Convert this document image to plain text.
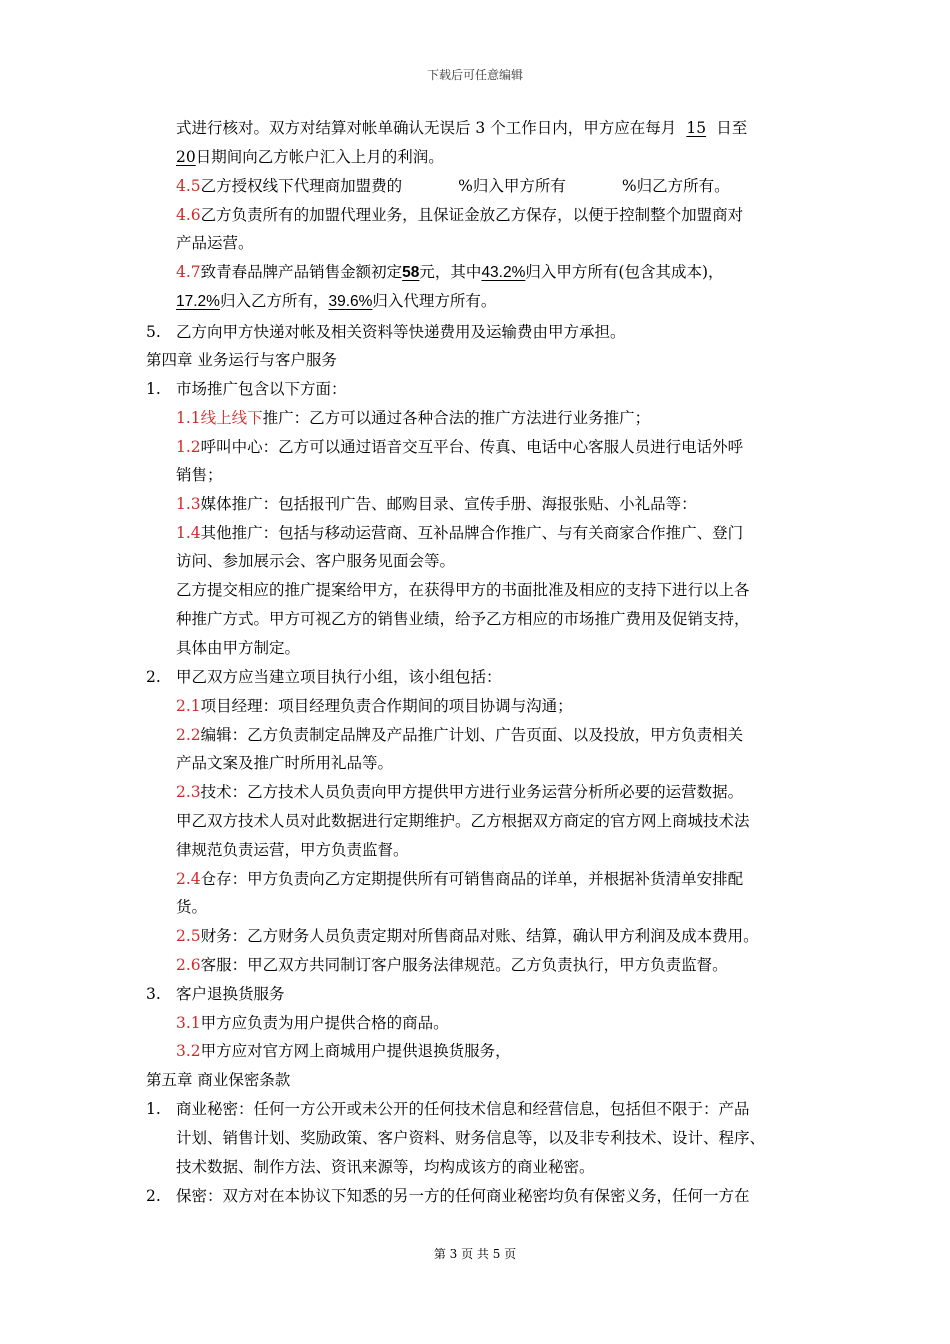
下载后可任意编辑
式进行核对。双方对结算对帐单确认无误后 3 个工作日内，甲方应在每月 15 日至
20日期间向乙方帐户汇入上月的利润。
4.5乙方授权线下代理商加盟费的	%归入甲方所有	%归乙方所有。
4.6乙方负责所有的加盟代理业务，且保证金放乙方保存，以便于控制整个加盟商对
产品运营。
4.7致青春品牌产品销售金额初定58元，其中43.2%归入甲方所有(包含其成本)，
17.2%归入乙方所有，39.6%归入代理方所有。
5. 乙方向甲方快递对帐及相关资料等快递费用及运输费由甲方承担。
第四章 业务运行与客户服务
1. 市场推广包含以下方面：
1.1线上线下推广：乙方可以通过各种合法的推广方法进行业务推广；
1.2呼叫中心：乙方可以通过语音交互平台、传真、电话中心客服人员进行电话外呼
销售；
1.3媒体推广：包括报刊广告、邮购目录、宣传手册、海报张贴、小礼品等：
1.4其他推广：包括与移动运营商、互补品牌合作推广、与有关商家合作推广、登门
访问、参加展示会、客户服务见面会等。
乙方提交相应的推广提案给甲方，在获得甲方的书面批准及相应的支持下进行以上各
种推广方式。甲方可视乙方的销售业绩，给予乙方相应的市场推广费用及促销支持，
具体由甲方制定。
2. 甲乙双方应当建立项目执行小组，该小组包括：
2.1项目经理：项目经理负责合作期间的项目协调与沟通；
2.2编辑：乙方负责制定品牌及产品推广计划、广告页面、以及投放，甲方负责相关
产品文案及推广时所用礼品等。
2.3技术：乙方技术人员负责向甲方提供甲方进行业务运营分析所必要的运营数据。
甲乙双方技术人员对此数据进行定期维护。乙方根据双方商定的官方网上商城技术法
律规范负责运营，甲方负责监督。
2.4仓存：甲方负责向乙方定期提供所有可销售商品的详单，并根据补货清单安排配
货。
2.5财务：乙方财务人员负责定期对所售商品对账、结算，确认甲方利润及成本费用。
2.6客服：甲乙双方共同制订客户服务法律规范。乙方负责执行，甲方负责监督。
3. 客户退换货服务
3.1甲方应负责为用户提供合格的商品。
3.2甲方应对官方网上商城用户提供退换货服务，
第五章 商业保密条款
1. 商业秘密：任何一方公开或未公开的任何技术信息和经营信息，包括但不限于：产品
计划、销售计划、奖励政策、客户资料、财务信息等，以及非专利技术、设计、程序、
技术数据、制作方法、资讯来源等，均构成该方的商业秘密。
2. 保密：双方对在本协议下知悉的另一方的任何商业秘密均负有保密义务，任何一方在
第 3 页 共 5 页
